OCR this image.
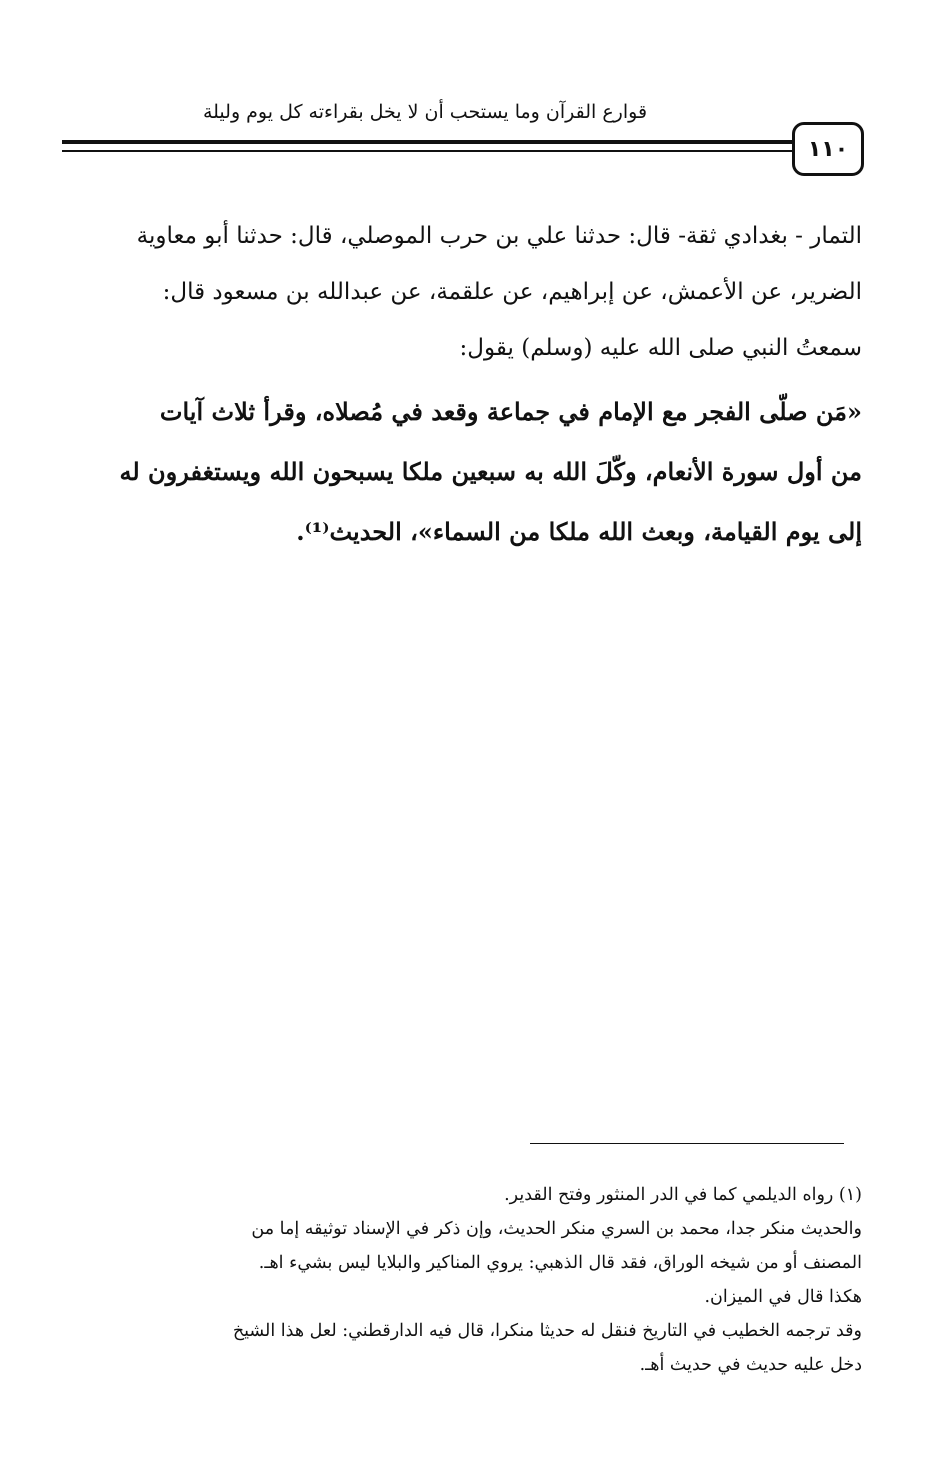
قوارع القرآن وما يستحب أن لا يخل بقراءته كل يوم وليلة
١١٠
التمار - بغدادي ثقة- قال: حدثنا علي بن حرب الموصلي، قال: حدثنا أبو معاوية
الضرير، عن الأعمش، عن إبراهيم، عن علقمة، عن عبدالله بن مسعود قال:
سمعتُ النبي صلى الله عليه (وسلم) يقول:
«مَن صلّى الفجر مع الإمام في جماعة وقعد في مُصلاه، وقرأ ثلاث آيات
من أول سورة الأنعام، وكّلَ الله به سبعين ملكا يسبحون الله ويستغفرون له
إلى يوم القيامة، وبعث الله ملكا من السماء»، الحديث⁽¹⁾.
(١) رواه الديلمي كما في الدر المنثور وفتح القدير.
والحديث منكر جدا، محمد بن السري منكر الحديث، وإن ذكر في الإسناد توثيقه إما من
المصنف أو من شيخه الوراق، فقد قال الذهبي: يروي المناكير والبلايا ليس بشيء اهـ.
هكذا قال في الميزان.
وقد ترجمه الخطيب في التاريخ فنقل له حديثا منكرا، قال فيه الدارقطني: لعل هذا الشيخ
دخل عليه حديث في حديث أهـ.
